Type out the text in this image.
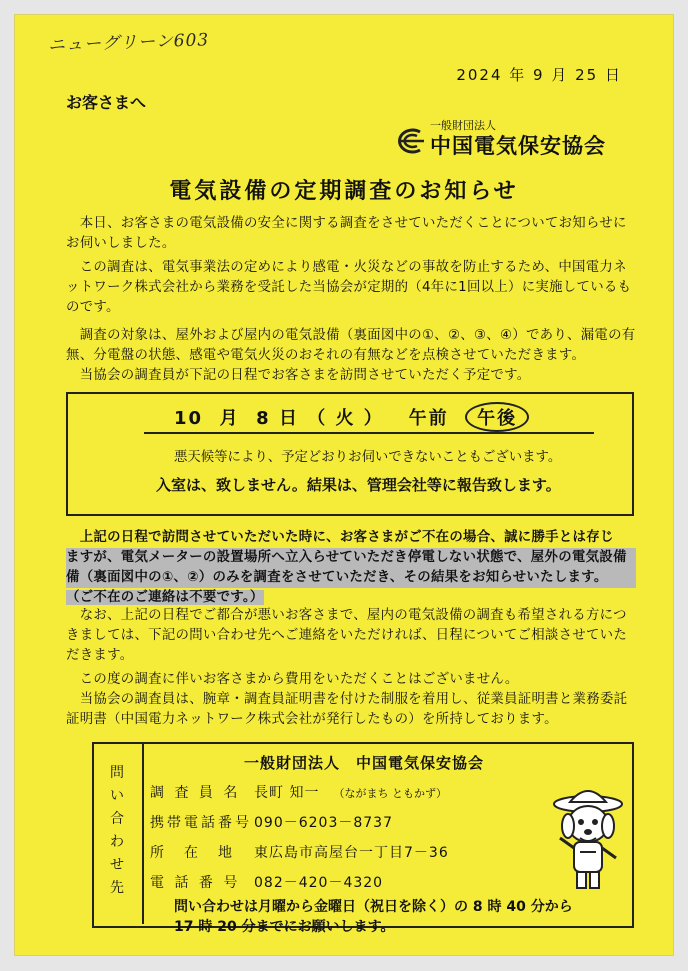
ニューグリーン603
2024 年 9 月 25 日
お客さまへ
一般財団法人
中国電気保安協会
電気設備の定期調査のお知らせ
　本日、お客さまの電気設備の安全に関する調査をさせていただくことについてお知らせにお伺いしました。
　この調査は、電気事業法の定めにより感電・火災などの事故を防止するため、中国電力ネットワーク株式会社から業務を受託した当協会が定期的（4年に1回以上）に実施しているものです。
　調査の対象は、屋外および屋内の電気設備（裏面図中の①、②、③、④）であり、漏電の有無、分電盤の状態、感電や電気火災のおそれの有無などを点検させていただきます。
　当協会の調査員が下記の日程でお客さまを訪問させていただく予定です。
10 月 8 日 （ 火 ） 午前 午後
悪天候等により、予定どおりお伺いできないこともございます。
入室は、致しません。結果は、管理会社等に報告致します。
　上記の日程で訪問させていただいた時に、お客さまがご不在の場合、誠に勝手とは存じ
ますが、電気メーターの設置場所へ立入らせていただき停電しない状態で、屋外の電気設備
備（裏面図中の①、②）のみを調査をさせていただき、その結果をお知らせいたします。
（ご不在のご連絡は不要です。）
　なお、上記の日程でご都合が悪いお客さまで、屋内の電気設備の調査も希望される方につきましては、下記の問い合わせ先へご連絡をいただければ、日程についてご相談させていただきます。
　この度の調査に伴いお客さまから費用をいただくことはございません。
　当協会の調査員は、腕章・調査員証明書を付けた制服を着用し、従業員証明書と業務委託証明書（中国電力ネットワーク株式会社が発行したもの）を所持しております。
問い合わせ先
一般財団法人　中国電気保安協会
調 査 員 名 長町 知一 （ながまち ともかず）
携帯電話番号 090－6203－8737
所　在　地 東広島市高屋台一丁目7－36
電 話 番 号 082－420－4320
問い合わせは月曜から金曜日（祝日を除く）の 8 時 40 分から
17 時 20 分までにお願いします。
